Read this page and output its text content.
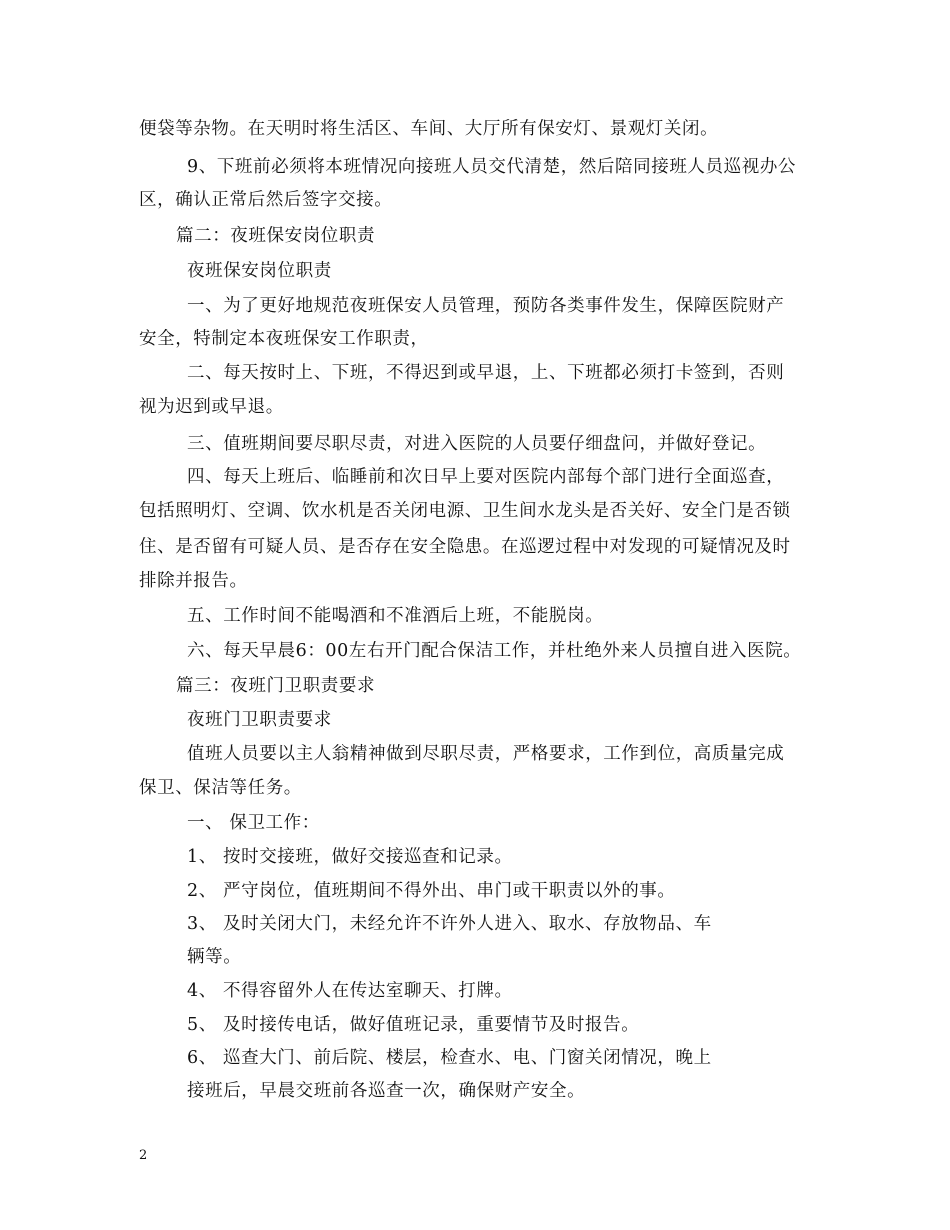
便袋等杂物。在天明时将生活区、车间、大厅所有保安灯、景观灯关闭。
9、下班前必须将本班情况向接班人员交代清楚，然后陪同接班人员巡视办公
区，确认正常后然后签字交接。
篇二：夜班保安岗位职责
夜班保安岗位职责
一、为了更好地规范夜班保安人员管理，预防各类事件发生，保障医院财产
安全，特制定本夜班保安工作职责，
二、每天按时上、下班，不得迟到或早退，上、下班都必须打卡签到，否则
视为迟到或早退。
三、值班期间要尽职尽责，对进入医院的人员要仔细盘问，并做好登记。
四、每天上班后、临睡前和次日早上要对医院内部每个部门进行全面巡查，
包括照明灯、空调、饮水机是否关闭电源、卫生间水龙头是否关好、安全门是否锁
住、是否留有可疑人员、是否存在安全隐患。在巡逻过程中对发现的可疑情况及时
排除并报告。
五、工作时间不能喝酒和不准酒后上班，不能脱岗。
六、每天早晨6：00左右开门配合保洁工作，并杜绝外来人员擅自进入医院。
篇三：夜班门卫职责要求
夜班门卫职责要求
值班人员要以主人翁精神做到尽职尽责，严格要求，工作到位，高质量完成
保卫、保洁等任务。
一、 保卫工作：
1、 按时交接班，做好交接巡查和记录。
2、 严守岗位，值班期间不得外出、串门或干职责以外的事。
3、 及时关闭大门，未经允许不许外人进入、取水、存放物品、车
辆等。
4、 不得容留外人在传达室聊天、打牌。
5、 及时接传电话，做好值班记录，重要情节及时报告。
6、 巡查大门、前后院、楼层，检查水、电、门窗关闭情况，晚上
接班后，早晨交班前各巡查一次，确保财产安全。
2
